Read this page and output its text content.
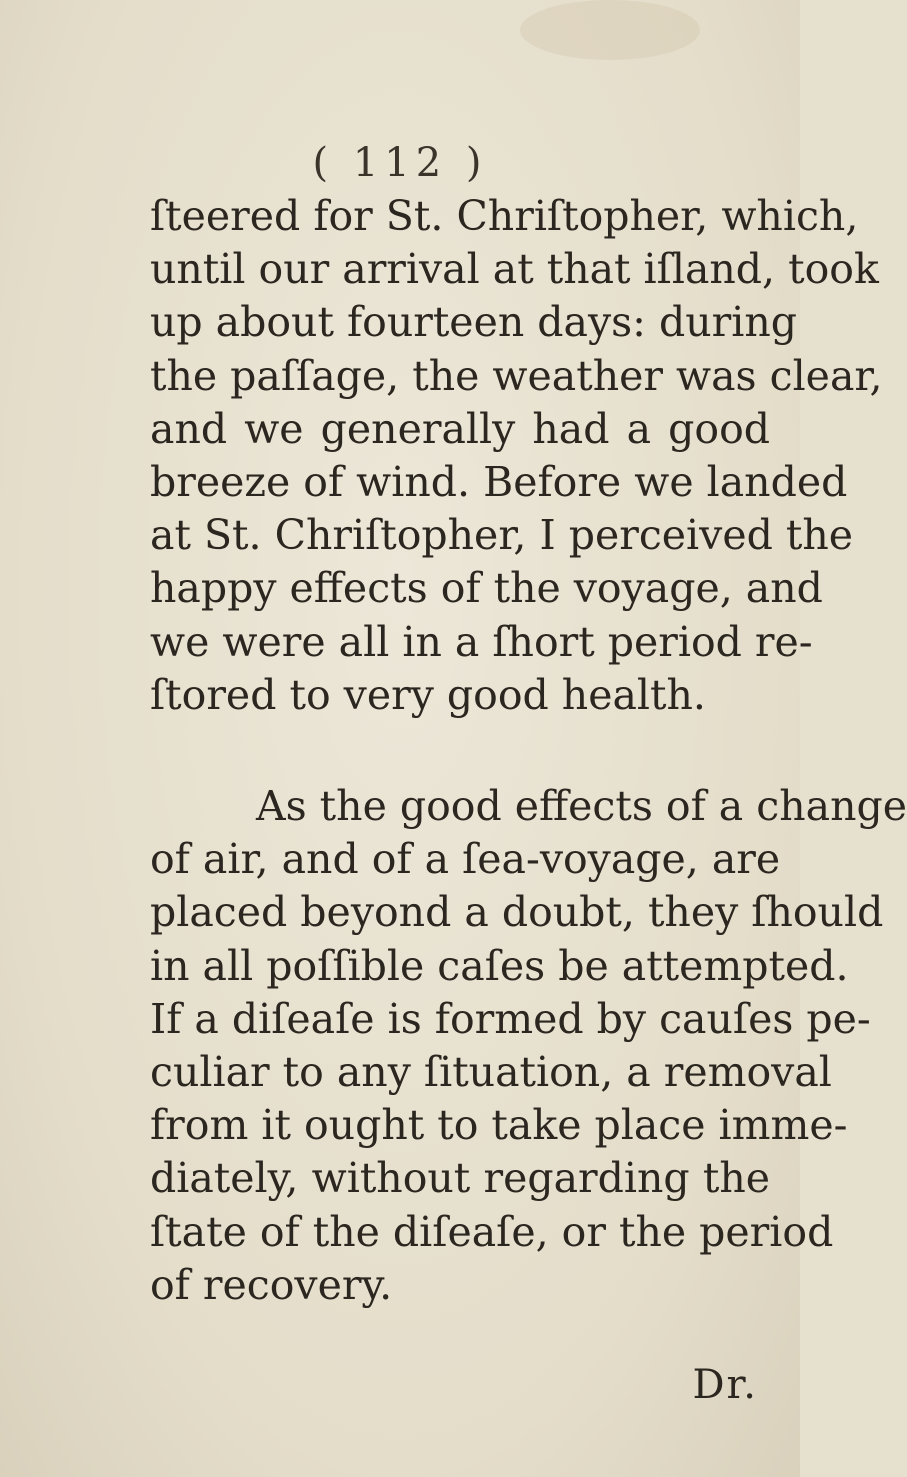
( 112 )
ſteered for St. Chriſtopher, which,
until our arrival at that iſland, took
up about fourteen days: during
the paſſage, the weather was clear,
and we generally had a good
breeze of wind. Before we landed
at St. Chriſtopher, I perceived the
happy effects of the voyage, and
we were all in a ſhort period re-
ſtored to very good health.
As the good effects of a change
of air, and of a ſea-voyage, are
placed beyond a doubt, they ſhould
in all poſſible caſes be attempted.
If a diſeaſe is formed by cauſes pe-
culiar to any ſituation, a removal
from it ought to take place imme-
diately, without regarding the
ſtate of the diſeaſe, or the period
of recovery.
Dr.
